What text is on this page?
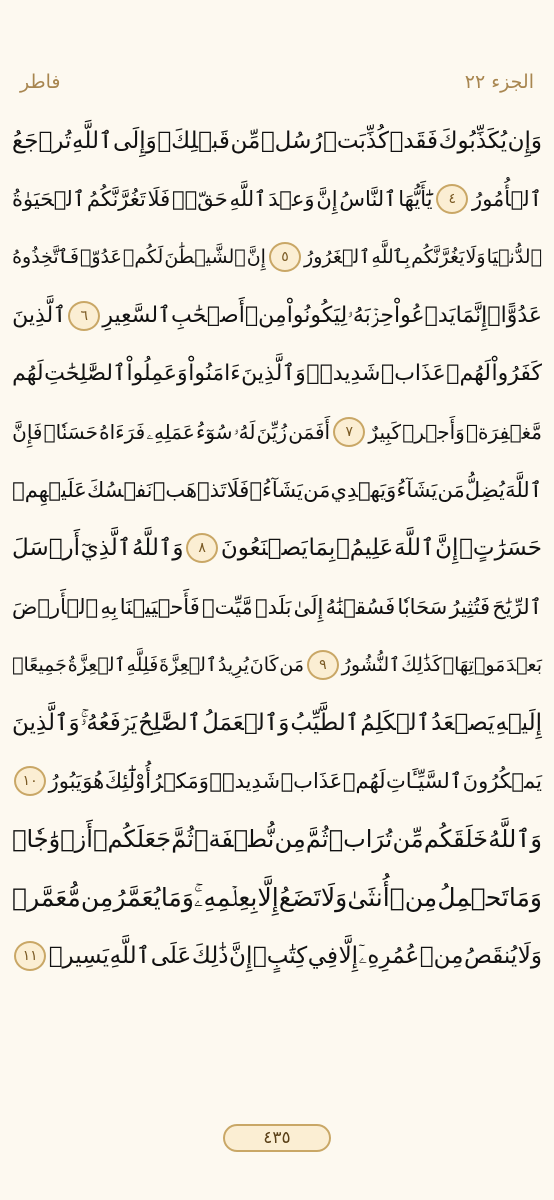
فاطر	الجزء ٢٢
وَإِن
يُكَذِّبُوكَ
فَقَدۡ
كُذِّبَتۡ
رُسُلٞ
مِّن
قَبۡلِكَۚ
وَإِلَى
ٱللَّهِ
تُرۡجَعُ
ٱلۡأُمُورُ
٤
يَٰٓأَيُّهَا
ٱلنَّاسُ
إِنَّ
وَعۡدَ
ٱللَّهِ
حَقّٞۖ
فَلَا
تَغُرَّنَّكُمُ
ٱلۡحَيَوٰةُ
ٱلدُّنۡيَا
وَلَا
يَغُرَّنَّكُم
بِٱللَّهِ
ٱلۡغَرُورُ
٥
إِنَّ
ٱلشَّيۡطَٰنَ
لَكُمۡ
عَدُوّٞ
فَٱتَّخِذُوهُ
عَدُوًّاۚ
إِنَّمَا
يَدۡعُواْ
حِزۡبَهُۥ
لِيَكُونُواْ
مِنۡ
أَصۡحَٰبِ
ٱلسَّعِيرِ
٦
ٱلَّذِينَ
كَفَرُواْ
لَهُمۡ
عَذَابٞ
شَدِيدٞۖ
وَٱلَّذِينَ
ءَامَنُواْ
وَعَمِلُواْ
ٱلصَّٰلِحَٰتِ
لَهُم
مَّغۡفِرَةٞ
وَأَجۡرٞ
كَبِيرٌ
٧
أَفَمَن
زُيِّنَ
لَهُۥ
سُوٓءُ
عَمَلِهِۦ
فَرَءَاهُ
حَسَنٗاۖ
فَإِنَّ
ٱللَّهَ
يُضِلُّ
مَن
يَشَآءُ
وَيَهۡدِي
مَن
يَشَآءُۖ
فَلَا
تَذۡهَبۡ
نَفۡسُكَ
عَلَيۡهِمۡ
حَسَرَٰتٍۚ
إِنَّ
ٱللَّهَ
عَلِيمُۢ
بِمَا
يَصۡنَعُونَ
٨
وَٱللَّهُ
ٱلَّذِيٓ
أَرۡسَلَ
ٱلرِّيَٰحَ
فَتُثِيرُ
سَحَابٗا
فَسُقۡنَٰهُ
إِلَىٰ
بَلَدٖ
مَّيِّتٖ
فَأَحۡيَيۡنَا
بِهِ
ٱلۡأَرۡضَ
بَعۡدَ
مَوۡتِهَاۚ
كَذَٰلِكَ
ٱلنُّشُورُ
٩
مَن
كَانَ
يُرِيدُ
ٱلۡعِزَّةَ
فَلِلَّهِ
ٱلۡعِزَّةُ
جَمِيعًاۚ
إِلَيۡهِ
يَصۡعَدُ
ٱلۡكَلِمُ
ٱلطَّيِّبُ
وَٱلۡعَمَلُ
ٱلصَّٰلِحُ
يَرۡفَعُهُۥۚ
وَٱلَّذِينَ
يَمۡكُرُونَ
ٱلسَّيِّـَٔاتِ
لَهُمۡ
عَذَابٞ
شَدِيدٞۖ
وَمَكۡرُ
أُوْلَٰٓئِكَ
هُوَ
يَبُورُ
١٠
وَٱللَّهُ
خَلَقَكُم
مِّن
تُرَابٖ
ثُمَّ
مِن
نُّطۡفَةٖ
ثُمَّ
جَعَلَكُمۡ
أَزۡوَٰجٗاۚ
وَمَا
تَحۡمِلُ
مِنۡ
أُنثَىٰ
وَلَا
تَضَعُ
إِلَّا
بِعِلۡمِهِۦۚ
وَمَا
يُعَمَّرُ
مِن
مُّعَمَّرٖ
وَلَا
يُنقَصُ
مِنۡ
عُمُرِهِۦٓ
إِلَّا
فِي
كِتَٰبٍۚ
إِنَّ
ذَٰلِكَ
عَلَى
ٱللَّهِ
يَسِيرٞ
١١
٤٣٥
